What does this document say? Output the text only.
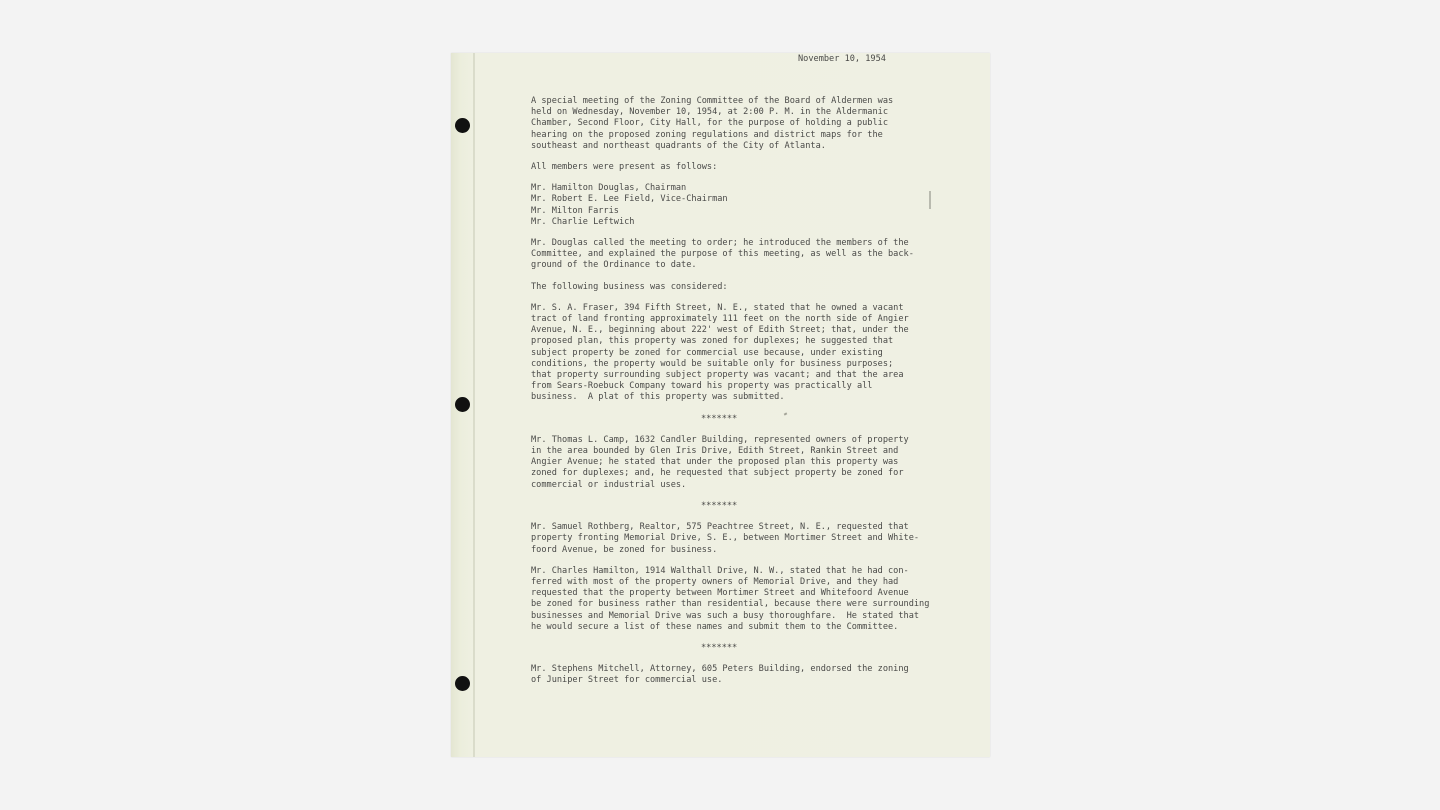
November 10, 1954
A special meeting of the Zoning Committee of the Board of Aldermen was
held on Wednesday, November 10, 1954, at 2:00 P. M. in the Aldermanic
Chamber, Second Floor, City Hall, for the purpose of holding a public
hearing on the proposed zoning regulations and district maps for the
southeast and northeast quadrants of the City of Atlanta.
All members were present as follows:
Mr. Hamilton Douglas, Chairman
Mr. Robert E. Lee Field, Vice-Chairman
Mr. Milton Farris
Mr. Charlie Leftwich
Mr. Douglas called the meeting to order; he introduced the members of the
Committee, and explained the purpose of this meeting, as well as the back-
ground of the Ordinance to date.
The following business was considered:
Mr. S. A. Fraser, 394 Fifth Street, N. E., stated that he owned a vacant
tract of land fronting approximately 111 feet on the north side of Angier
Avenue, N. E., beginning about 222' west of Edith Street; that, under the
proposed plan, this property was zoned for duplexes; he suggested that
subject property be zoned for commercial use because, under existing
conditions, the property would be suitable only for business purposes;
that property surrounding subject property was vacant; and that the area
from Sears-Roebuck Company toward his property was practically all
business.  A plat of this property was submitted.
*******
Mr. Thomas L. Camp, 1632 Candler Building, represented owners of property
in the area bounded by Glen Iris Drive, Edith Street, Rankin Street and
Angier Avenue; he stated that under the proposed plan this property was
zoned for duplexes; and, he requested that subject property be zoned for
commercial or industrial uses.
*******
Mr. Samuel Rothberg, Realtor, 575 Peachtree Street, N. E., requested that
property fronting Memorial Drive, S. E., between Mortimer Street and White-
foord Avenue, be zoned for business.
Mr. Charles Hamilton, 1914 Walthall Drive, N. W., stated that he had con-
ferred with most of the property owners of Memorial Drive, and they had
requested that the property between Mortimer Street and Whitefoord Avenue
be zoned for business rather than residential, because there were surrounding
businesses and Memorial Drive was such a busy thoroughfare.  He stated that
he would secure a list of these names and submit them to the Committee.
*******
Mr. Stephens Mitchell, Attorney, 605 Peters Building, endorsed the zoning
of Juniper Street for commercial use.
